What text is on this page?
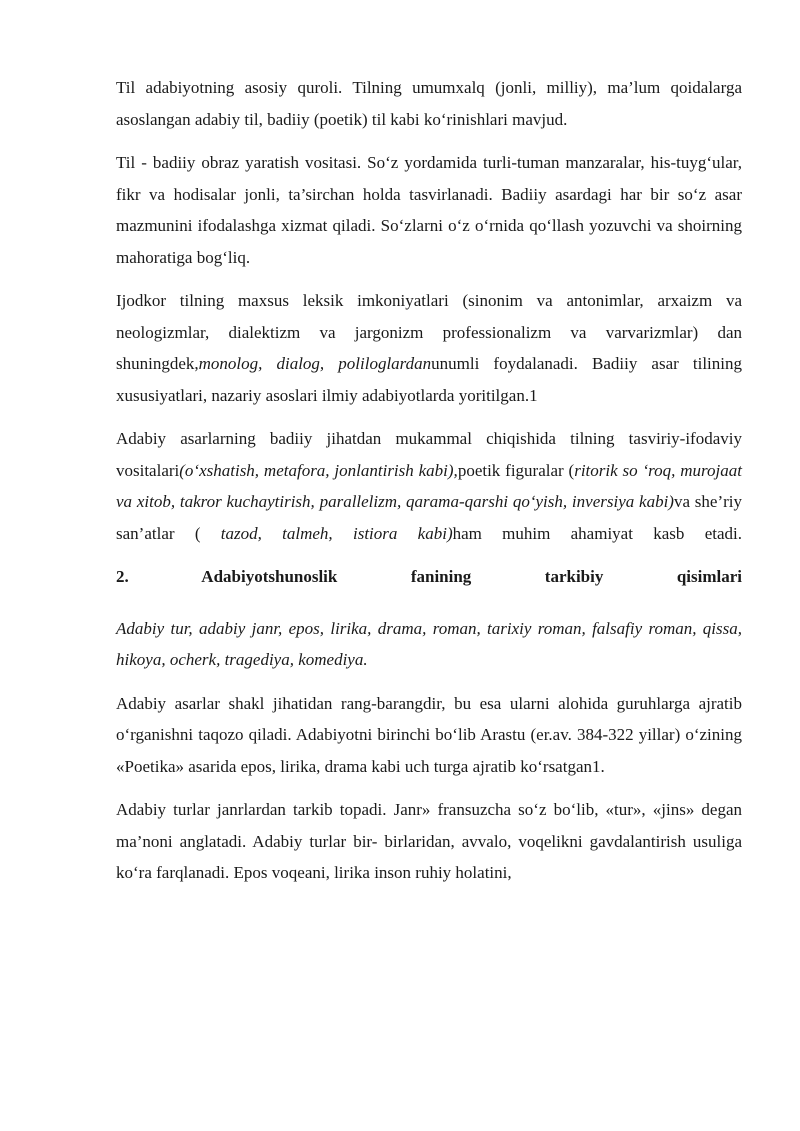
Til adabiyotning asosiy quroli. Tilning umumxalq (jonli, milliy), ma’lum qoidalarga asoslangan adabiy til, badiiy (poetik) til kabi ko‘rinishlari mavjud.

Til - badiiy obraz yaratish vositasi. So‘z yordamida turli-tuman manzaralar, his-tuyg‘ular, fikr va hodisalar jonli, ta’sirchan holda tasvirlanadi. Badiiy asardagi har bir so‘z asar mazmunini ifodalashga xizmat qiladi. So‘zlarni o‘z o‘rnida qo‘llash yozuvchi va shoirning mahoratiga bog‘liq.

Ijodkor tilning maxsus leksik imkoniyatlari (sinonim va antonimlar, arxaizm va neologizmlar, dialektizm va jargonizm professionalizm va varvarizmlar) dan shuningdek,monolog, dialog, poliloglardanunumli foydalanadi. Badiiy asar tilining xususiyatlari, nazariy asoslari ilmiy adabiyotlarda yoritilgan.1

Adabiy asarlarning badiiy jihatdan mukammal chiqishida tilning tasviriy-ifodaviy vositalari(o‘xshatish, metafora, jonlantirish kabi),poetik figuralar (ritorik so ‘roq, murojaat va xitob, takror kuchaytirish, parallelizm, qarama-qarshi qo‘yish, inversiya kabi)va she’riy san’atlar ( tazod, talmeh, istiora kabi)ham muhim ahamiyat kasb etadi.

2.	Adabiyotshunoslik fanining tarkibiy qisimlari

Adabiy tur, adabiy janr, epos, lirika, drama, roman, tarixiy roman, falsafiy roman, qissa, hikoya, ocherk, tragediya, komediya.

Adabiy asarlar shakl jihatidan rang-barangdir, bu esa ularni alohida guruhlarga ajratib o‘rganishni taqozo qiladi. Adabiyotni birinchi bo‘lib Arastu (er.av. 384-322 yillar) o‘zining «Poetika» asarida epos, lirika, drama kabi uch turga ajratib ko‘rsatgan1.

Adabiy turlar janrlardan tarkib topadi. Janr» fransuzcha so‘z bo‘lib, «tur», «jins» degan ma’noni anglatadi. Adabiy turlar bir- birlaridan, avvalo, voqelikni gavdalantirish usuliga ko‘ra farqlanadi. Epos voqeani, lirika inson ruhiy holatini,
